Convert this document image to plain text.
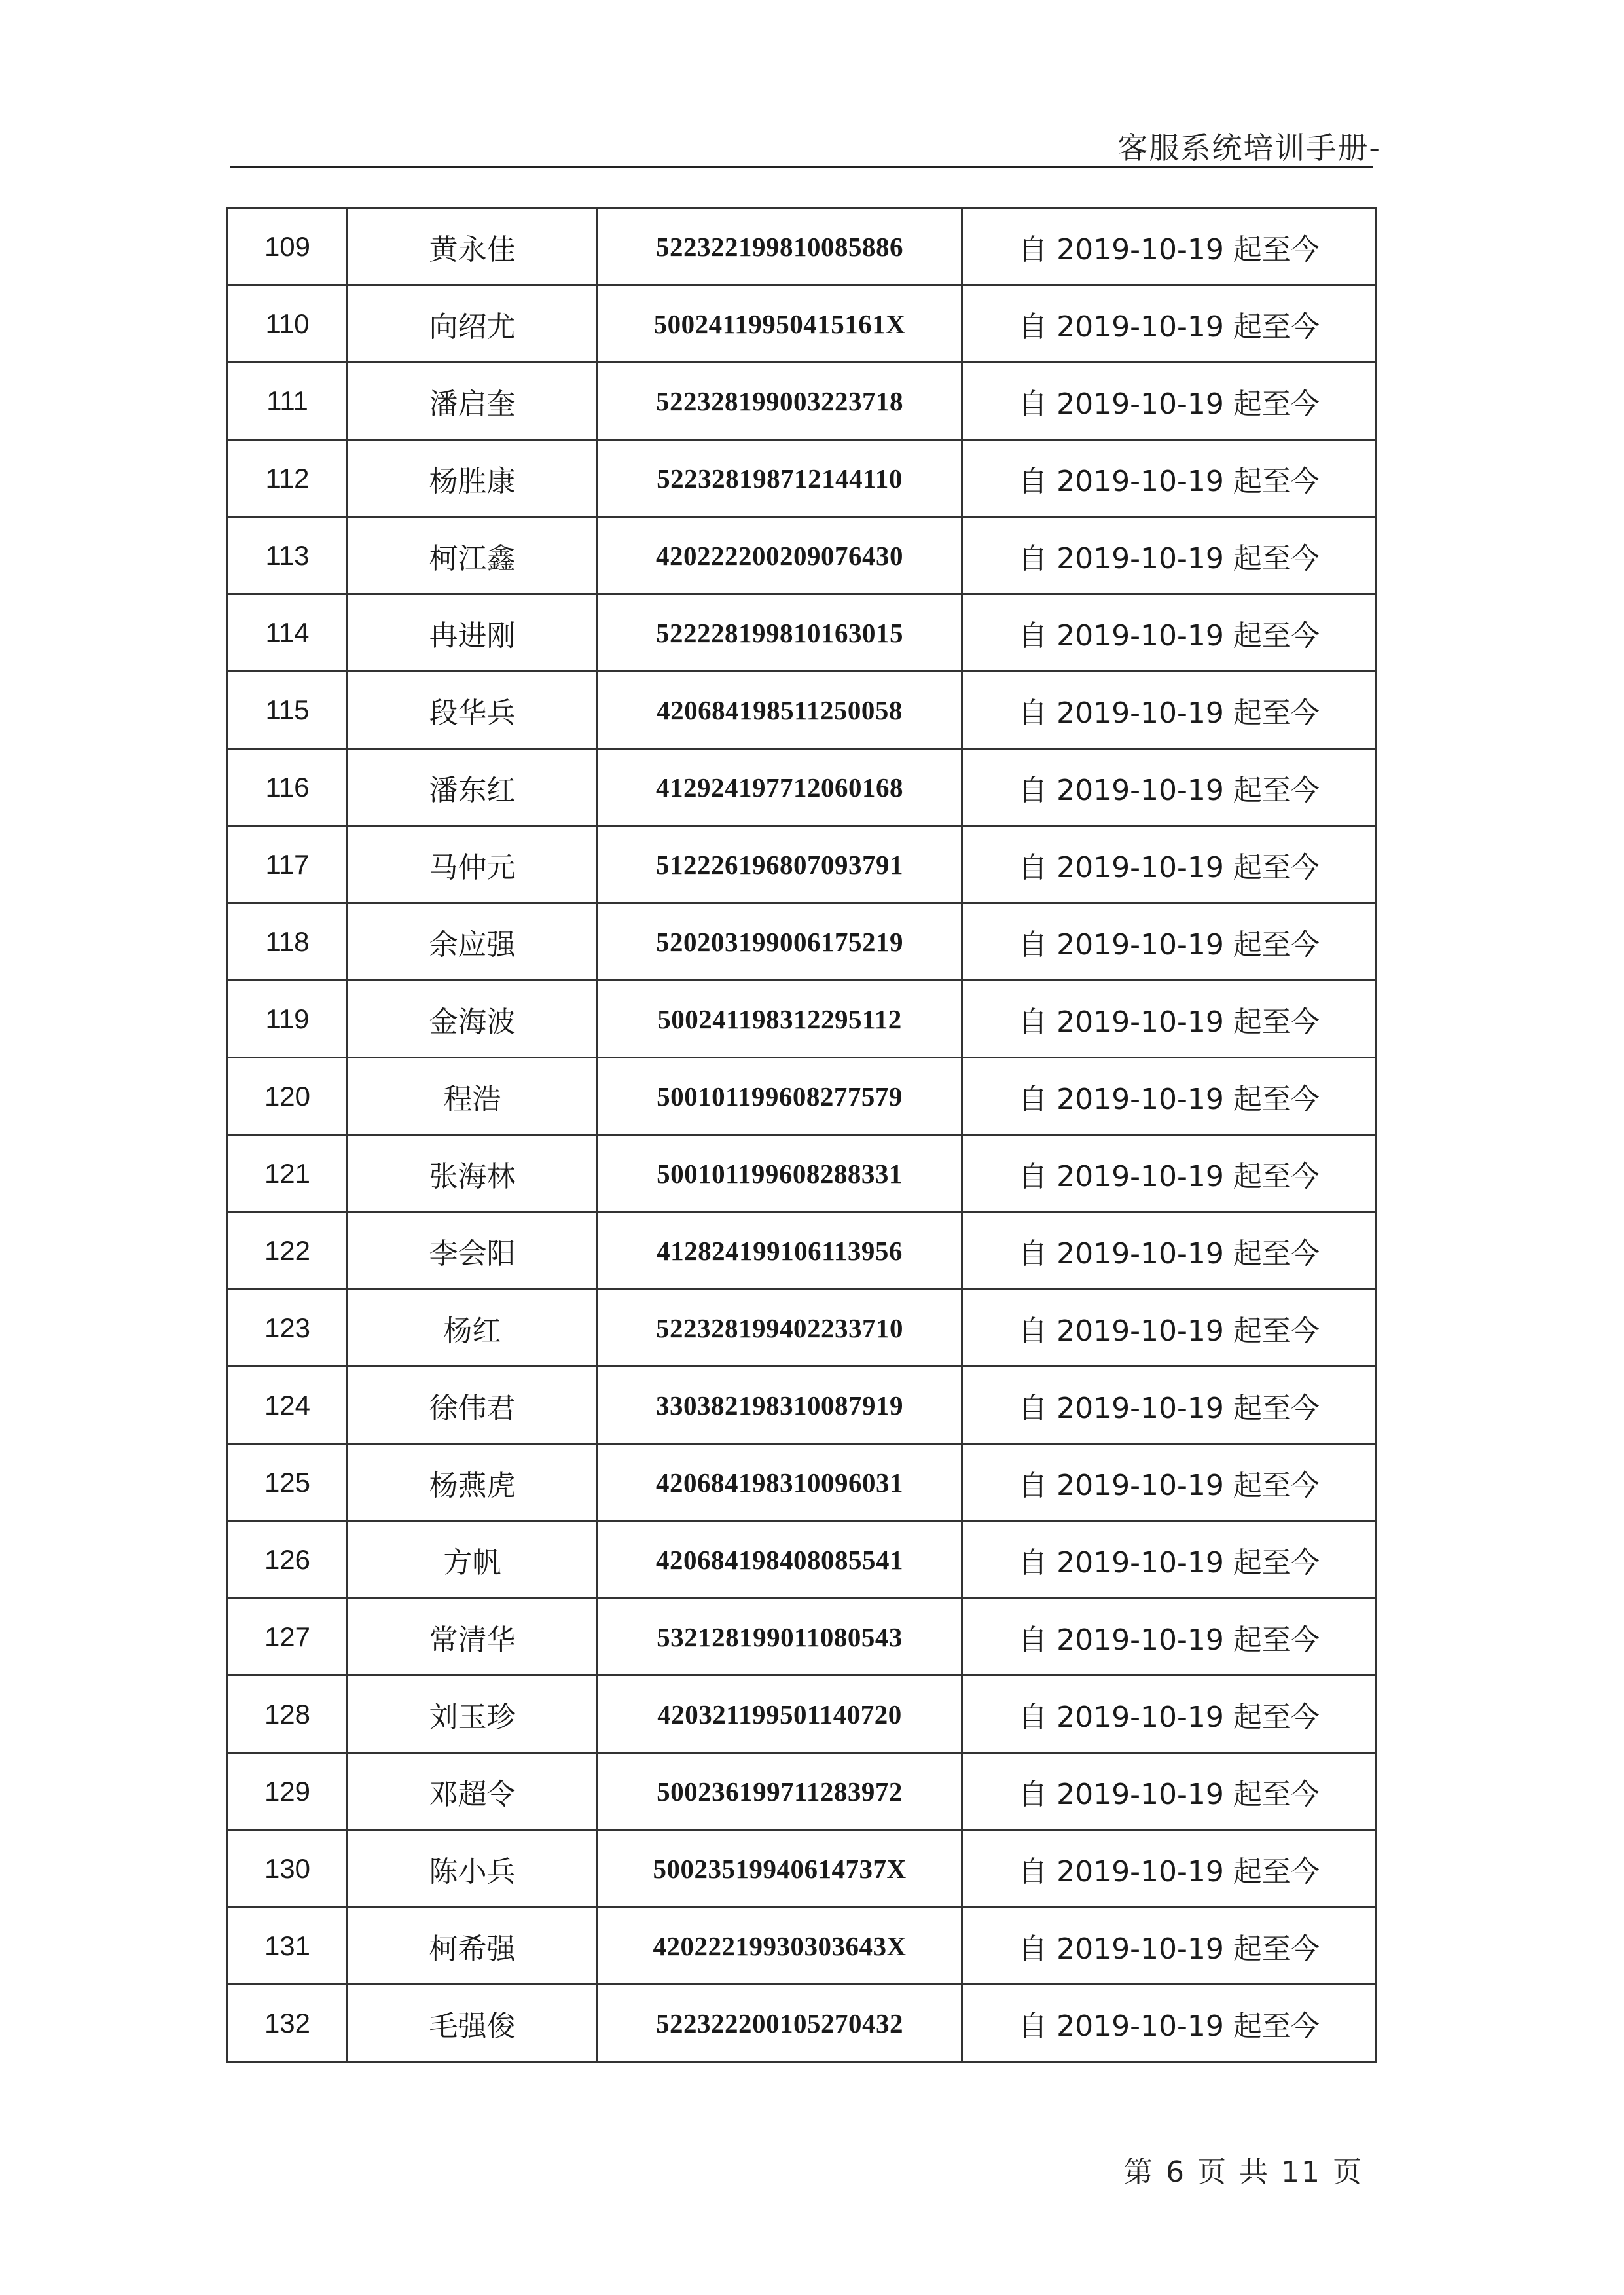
客服系统培训手册-
109	黄永佳	522322199810085886	自 2019-10-19 起至今
110	向绍尤	50024119950415161X	自 2019-10-19 起至今
111	潘启奎	522328199003223718	自 2019-10-19 起至今
112	杨胜康	522328198712144110	自 2019-10-19 起至今
113	柯江鑫	420222200209076430	自 2019-10-19 起至今
114	冉进刚	522228199810163015	自 2019-10-19 起至今
115	段华兵	420684198511250058	自 2019-10-19 起至今
116	潘东红	412924197712060168	自 2019-10-19 起至今
117	马仲元	512226196807093791	自 2019-10-19 起至今
118	余应强	520203199006175219	自 2019-10-19 起至今
119	金海波	500241198312295112	自 2019-10-19 起至今
120	程浩	500101199608277579	自 2019-10-19 起至今
121	张海林	500101199608288331	自 2019-10-19 起至今
122	李会阳	412824199106113956	自 2019-10-19 起至今
123	杨红	522328199402233710	自 2019-10-19 起至今
124	徐伟君	330382198310087919	自 2019-10-19 起至今
125	杨燕虎	420684198310096031	自 2019-10-19 起至今
126	方帆	420684198408085541	自 2019-10-19 起至今
127	常清华	532128199011080543	自 2019-10-19 起至今
128	刘玉珍	420321199501140720	自 2019-10-19 起至今
129	邓超令	500236199711283972	自 2019-10-19 起至今
130	陈小兵	50023519940614737X	自 2019-10-19 起至今
131	柯希强	42022219930303643X	自 2019-10-19 起至今
132	毛强俊	522322200105270432	自 2019-10-19 起至今
第 6 页 共 11 页
